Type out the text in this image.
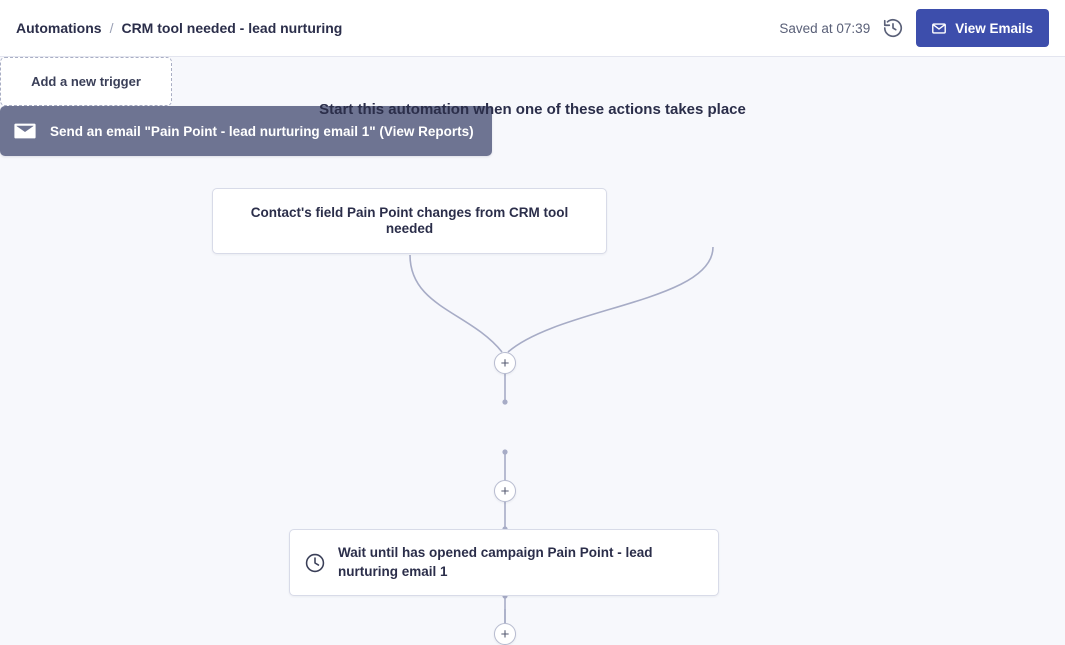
Automations / CRM tool needed - lead nurturing	Saved at 07:39	View Emails
Start this automation when one of these actions takes place
Contact's field Pain Point changes from CRM tool needed
Add a new trigger
+
Send an email "Pain Point - lead nurturing email 1" (View Reports)
+
Wait until has opened campaign Pain Point - lead nurturing email 1
+
